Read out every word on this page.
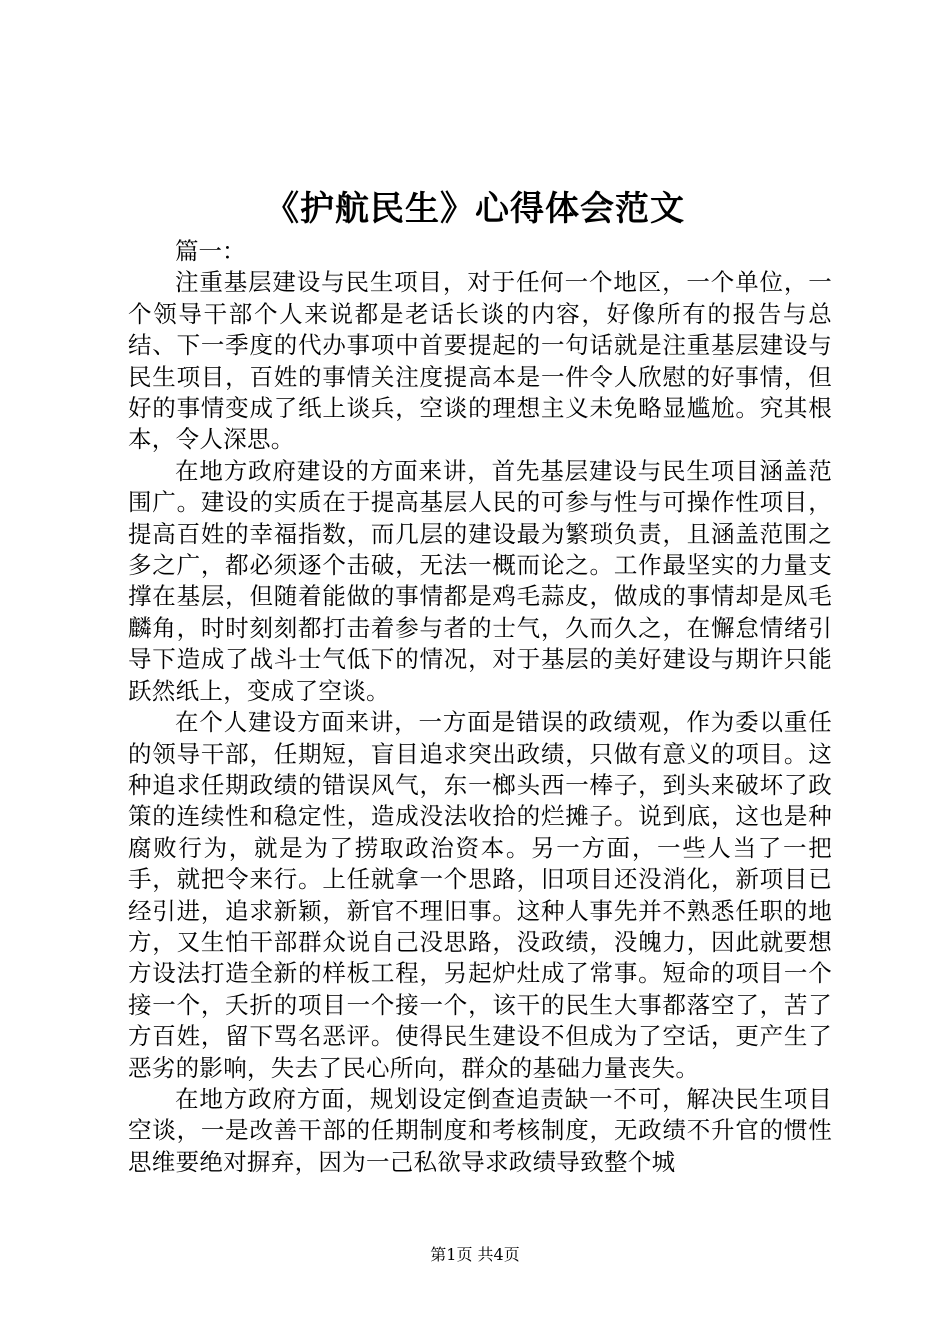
《护航民生》心得体会范文

篇一：

注重基层建设与民生项目，对于任何一个地区，一个单位，一个领导干部个人来说都是老话长谈的内容，好像所有的报告与总结、下一季度的代办事项中首要提起的一句话就是注重基层建设与民生项目，百姓的事情关注度提高本是一件令人欣慰的好事情，但好的事情变成了纸上谈兵，空谈的理想主义未免略显尴尬。究其根本，令人深思。

在地方政府建设的方面来讲，首先基层建设与民生项目涵盖范围广。建设的实质在于提高基层人民的可参与性与可操作性项目，提高百姓的幸福指数，而几层的建设最为繁琐负责，且涵盖范围之多之广，都必须逐个击破，无法一概而论之。工作最坚实的力量支撑在基层，但随着能做的事情都是鸡毛蒜皮，做成的事情却是凤毛麟角，时时刻刻都打击着参与者的士气，久而久之，在懈怠情绪引导下造成了战斗士气低下的情况，对于基层的美好建设与期许只能跃然纸上，变成了空谈。

在个人建设方面来讲，一方面是错误的政绩观，作为委以重任的领导干部，任期短，盲目追求突出政绩，只做有意义的项目。这种追求任期政绩的错误风气，东一榔头西一棒子，到头来破坏了政策的连续性和稳定性，造成没法收拾的烂摊子。说到底，这也是种腐败行为，就是为了捞取政治资本。另一方面，一些人当了一把手，就把令来行。上任就拿一个思路，旧项目还没消化，新项目已经引进，追求新颖，新官不理旧事。这种人事先并不熟悉任职的地方，又生怕干部群众说自己没思路，没政绩，没魄力，因此就要想方设法打造全新的样板工程，另起炉灶成了常事。短命的项目一个接一个，夭折的项目一个接一个，该干的民生大事都落空了，苦了方百姓，留下骂名恶评。使得民生建设不但成为了空话，更产生了恶劣的影响，失去了民心所向，群众的基础力量丧失。

在地方政府方面，规划设定倒查追责缺一不可，解决民生项目空谈，一是改善干部的任期制度和考核制度，无政绩不升官的惯性思维要绝对摒弃，因为一己私欲导求政绩导致整个城

第1页 共4页
